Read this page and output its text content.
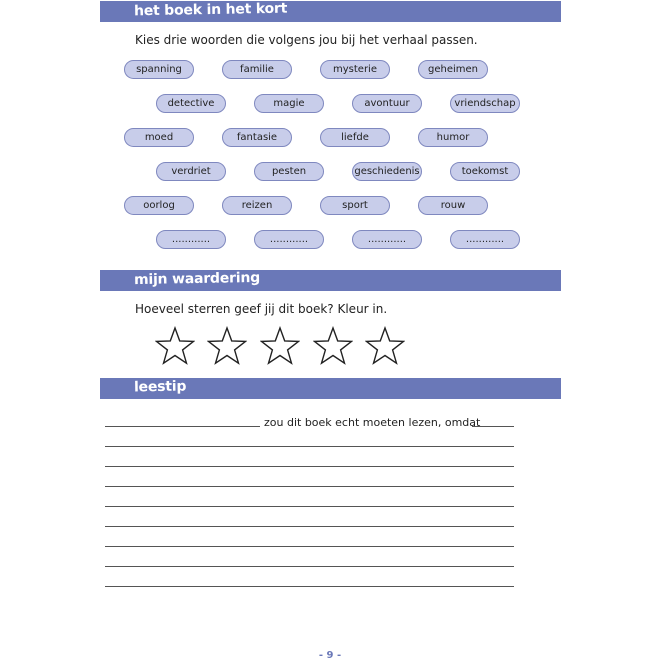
het boek in het kort
Kies drie woorden die volgens jou bij het verhaal passen.
spanning	familie	mysterie	geheimen
detective	magie	avontuur	vriendschap
moed	fantasie	liefde	humor
verdriet	pesten	geschiedenis	toekomst
oorlog	reizen	sport	rouw
............	............	............	............
mijn waardering
Hoeveel sterren geef jij dit boek? Kleur in.
leestip
zou dit boek echt moeten lezen, omdat
- 9 -
